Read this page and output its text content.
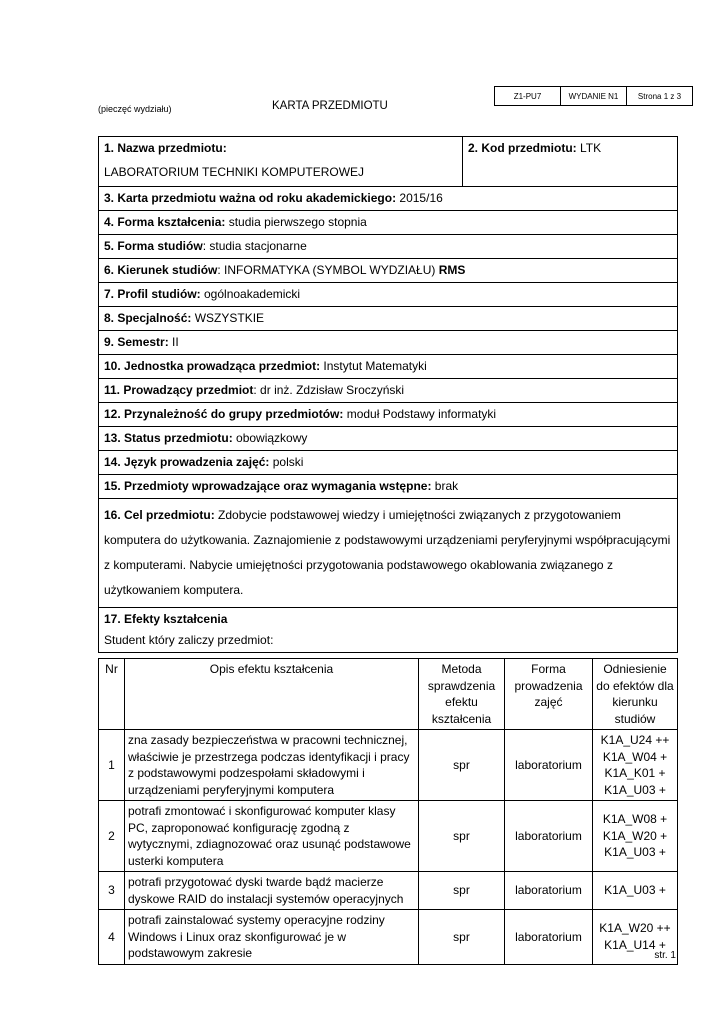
Z1-PU7	WYDANIE N1	Strona 1 z 3
(pieczęć wydziału)	KARTA PRZEDMIOTU
1. Nazwa przedmiotu:

LABORATORIUM TECHNIKI KOMPUTEROWEJ
	2. Kod przedmiotu: LTK
3. Karta przedmiotu ważna od roku akademickiego: 2015/16
4. Forma kształcenia: studia pierwszego stopnia
5. Forma studiów: studia stacjonarne
6. Kierunek studiów: INFORMATYKA (SYMBOL WYDZIAŁU) RMS
7. Profil studiów: ogólnoakademicki
8. Specjalność: WSZYSTKIE
9. Semestr: II
10. Jednostka prowadząca przedmiot: Instytut Matematyki
11. Prowadzący przedmiot: dr inż. Zdzisław Sroczyński
12. Przynależność do grupy przedmiotów: moduł Podstawy informatyki
13. Status przedmiotu: obowiązkowy
14. Język prowadzenia zajęć: polski
15. Przedmioty wprowadzające oraz wymagania wstępne: brak
16. Cel przedmiotu: Zdobycie podstawowej wiedzy i umiejętności związanych z przygotowaniem komputera do użytkowania. Zaznajomienie z podstawowymi urządzeniami peryferyjnymi współpracującymi z komputerami. Nabycie umiejętności przygotowania podstawowego okablowania związanego z użytkowaniem komputera.
17. Efekty kształcenia

Student który zaliczy przedmiot:
Nr	Opis efektu kształcenia	Metoda sprawdzenia efektu kształcenia	Forma prowadzenia zajęć	Odniesienie do efektów dla kierunku studiów
1	zna zasady bezpieczeństwa w pracowni technicznej, właściwie je przestrzega podczas identyfikacji i pracy z podstawowymi podzespołami składowymi i urządzeniami peryferyjnymi komputera	spr	laboratorium	K1A_U24 ++ K1A_W04 + K1A_K01 + K1A_U03 +
2	potrafi zmontować i skonfigurować komputer klasy PC, zaproponować konfigurację zgodną z wytycznymi, zdiagnozować oraz usunąć podstawowe usterki komputera	spr	laboratorium	K1A_W08 + K1A_W20 + K1A_U03 +
3	potrafi przygotować dyski twarde bądź macierze dyskowe RAID do instalacji systemów operacyjnych	spr	laboratorium	K1A_U03 +
4	potrafi zainstalować systemy operacyjne rodziny Windows i Linux oraz skonfigurować je w podstawowym zakresie	spr	laboratorium	K1A_W20 ++ K1A_U14 +
str. 1
